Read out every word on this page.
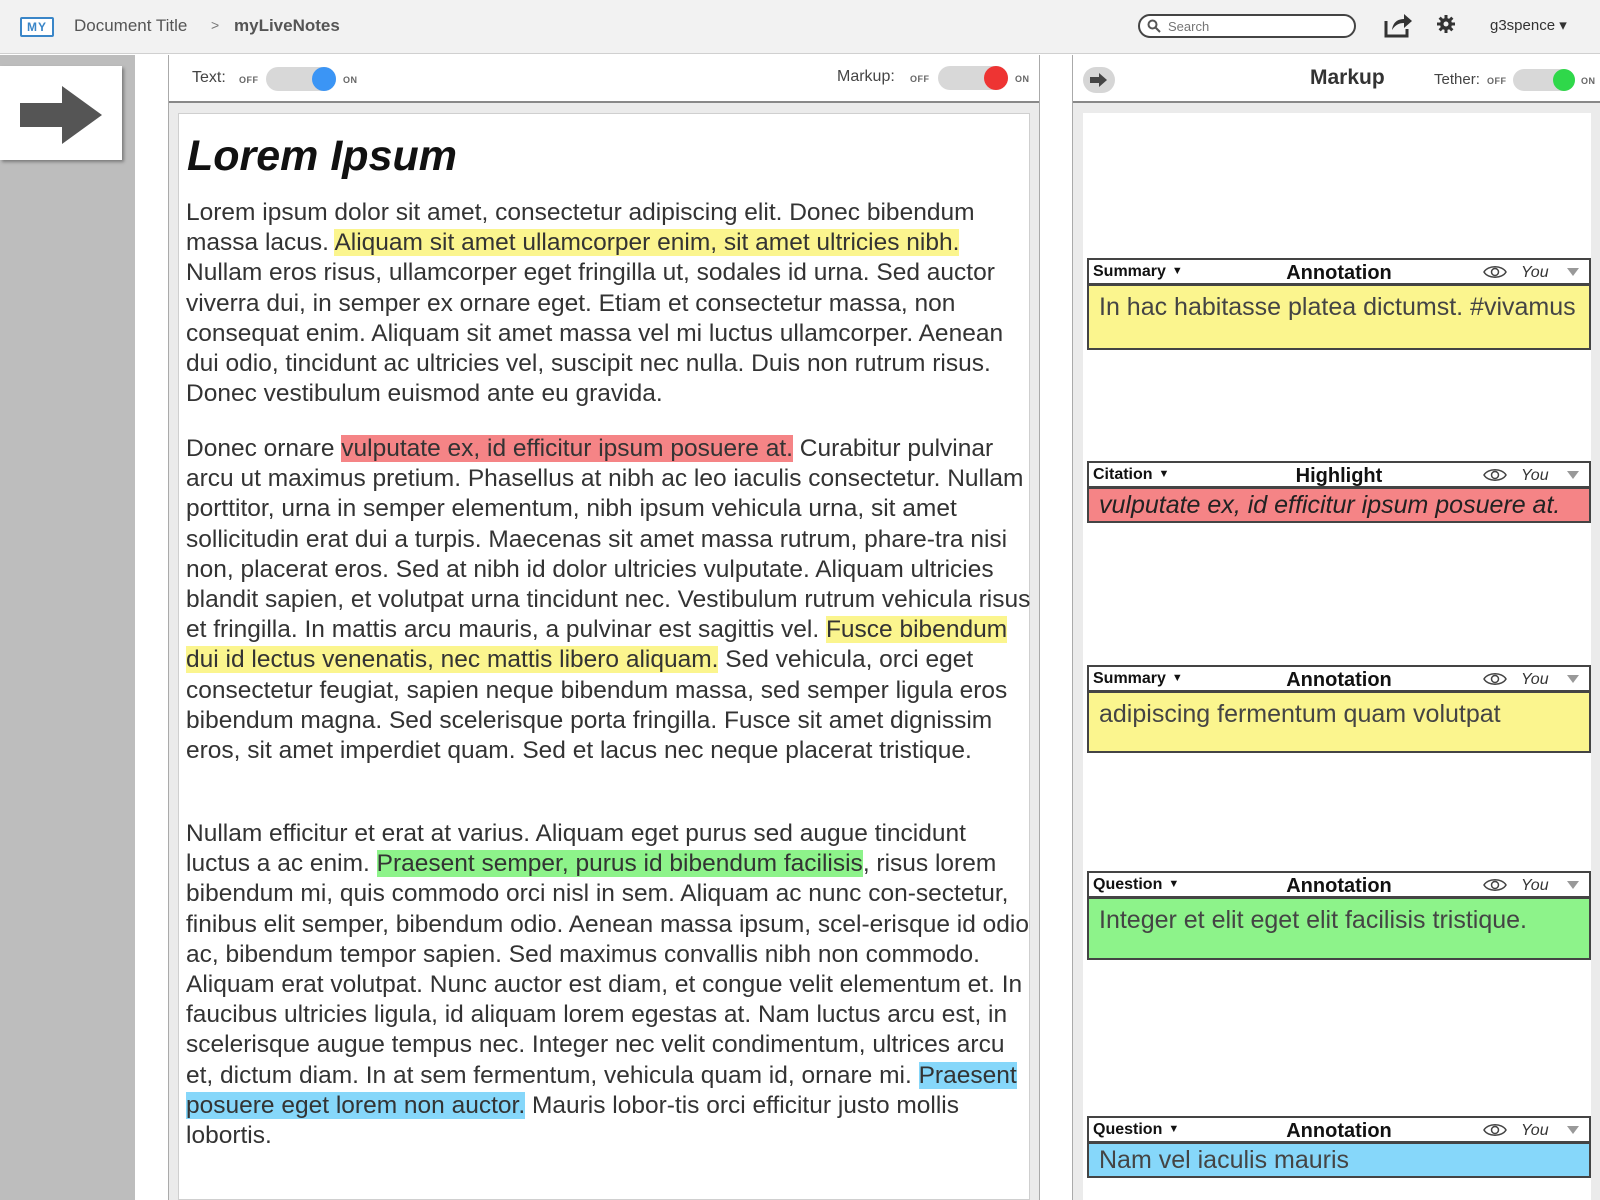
MY	Document Title > myLiveNotes
Search	g3spence ▾
Text: OFF	ON	Markup: OFF	ON
Lorem Ipsum

Lorem ipsum dolor sit amet, consectetur adipiscing elit. Donec bibendum massa lacus. Aliquam sit amet ullamcorper enim, sit amet ultricies nibh. Nullam eros risus, ullamcorper eget fringilla ut, sodales id urna. Sed auctor viverra dui, in semper ex ornare eget. Etiam et consectetur massa, non consequat enim. Aliquam sit amet massa vel mi luctus ullamcorper. Aenean dui odio, tincidunt ac ultricies vel, suscipit nec nulla. Duis non rutrum risus. Donec vestibulum euismod ante eu gravida.

Donec ornare vulputate ex, id efficitur ipsum posuere at. Curabitur pulvinar arcu ut maximus pretium. Phasellus at nibh ac leo iaculis consectetur. Nullam porttitor, urna in semper elementum, nibh ipsum vehicula urna, sit amet sollicitudin erat dui a turpis. Maecenas sit amet massa rutrum, phare-tra nisi non, placerat eros. Sed at nibh id dolor ultricies vulputate. Aliquam ultricies blandit sapien, et volutpat urna tincidunt nec. Vestibulum rutrum vehicula risus et fringilla. In mattis arcu mauris, a pulvinar est sagittis vel. Fusce bibendum dui id lectus venenatis, nec mattis libero aliquam. Sed vehicula, orci eget consectetur feugiat, sapien neque bibendum massa, sed semper ligula eros bibendum magna. Sed scelerisque porta fringilla. Fusce sit amet dignissim eros, sit amet imperdiet quam. Sed et lacus nec neque placerat tristique.

Nullam efficitur et erat at varius. Aliquam eget purus sed augue tincidunt luctus a ac enim. Praesent semper, purus id bibendum facilisis, risus lorem bibendum mi, quis commodo orci nisl in sem. Aliquam ac nunc con-sectetur, finibus elit semper, bibendum odio. Aenean massa ipsum, scel-erisque id odio ac, bibendum tempor sapien. Sed maximus convallis nibh non commodo. Aliquam erat volutpat. Nunc auctor est diam, et congue velit elementum et. In faucibus ultricies ligula, id aliquam lorem egestas at. Nam luctus arcu est, in scelerisque augue tempus nec. Integer nec velit condimentum, ultrices arcu et, dictum diam. In at sem fermentum, vehicula quam id, ornare mi. Praesent posuere eget lorem non auctor. Mauris lobor-tis orci efficitur justo mollis lobortis.

Markup	Tether: OFF	ON
Summary ▼	Annotation	You
In hac habitasse platea dictumst. #vivamus
Citation ▼	Highlight	You
vulputate ex, id efficitur ipsum posuere at.
Summary ▼	Annotation	You
adipiscing fermentum quam volutpat
Question ▼	Annotation	You
Integer et elit eget elit facilisis tristique.
Question ▼	Annotation	You
Nam vel iaculis mauris
